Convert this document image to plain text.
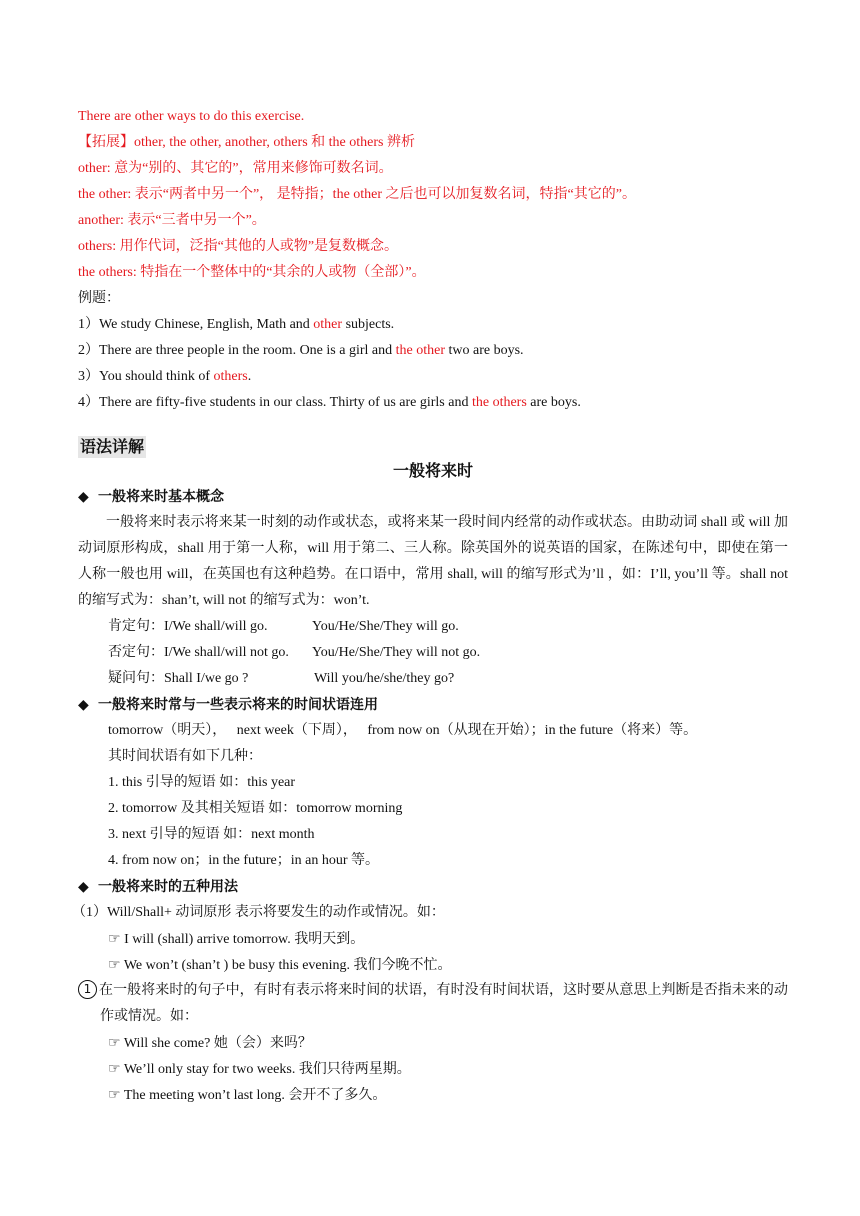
There are other ways to do this exercise.
【拓展】other, the other, another, others 和 the others 辨析
other: 意为“别的、其它的”，常用来修饰可数名词。
the other: 表示“两者中另一个”， 是特指；the other 之后也可以加复数名词，特指“其它的”。
another: 表示“三者中另一个”。
others: 用作代词，泛指“其他的人或物”是复数概念。
the others: 特指在一个整体中的“其余的人或物（全部）”。
例题：
1）We study Chinese, English, Math and other subjects.
2）There are three people in the room. One is a girl and the other two are boys.
3）You should think of others.
4）There are fifty-five students in our class. Thirty of us are girls and the others are boys.
语法详解
一般将来时
◆ 一般将来时基本概念
一般将来时表示将来某一时刻的动作或状态，或将来某一段时间内经常的动作或状态。由助动词 shall 或 will 加动词原形构成，shall 用于第一人称，will 用于第二、三人称。除英国外的说英语的国家，在陈述句中，即使在第一人称一般也用 will，在英国也有这种趋势。在口语中，常用 shall, will 的缩写形式为’ll ，如：I’ll, you’ll 等。shall not 的缩写式为：shan’t, will not 的缩写式为：won’t.
肯定句：I/We shall/will go.	You/He/She/They will go.
否定句：I/We shall/will not go. You/He/She/They will not go.
疑问句：Shall I/we go ?	Will you/he/she/they go?
◆ 一般将来时常与一些表示将来的时间状语连用
tomorrow（明天），   next week（下周），   from now on（从现在开始）；in the future（将来）等。
其时间状语有如下几种：
1. this 引导的短语 如：this year
2. tomorrow 及其相关短语 如：tomorrow morning
3. next 引导的短语 如：next month
4. from now on；in the future；in an hour 等。
◆ 一般将来时的五种用法
（1）Will/Shall+ 动词原形 表示将要发生的动作或情况。如：
☞ I will (shall) arrive tomorrow. 我明天到。
☞ We won’t (shan’t ) be busy this evening. 我们今晚不忙。
1 在一般将来时的句子中，有时有表示将来时间的状语，有时没有时间状语，这时要从意思上判断是否指未来的动作或情况。如：
☞ Will she come? 她（会）来吗？
☞ We’ll only stay for two weeks. 我们只待两星期。
☞ The meeting won’t last long. 会开不了多久。
